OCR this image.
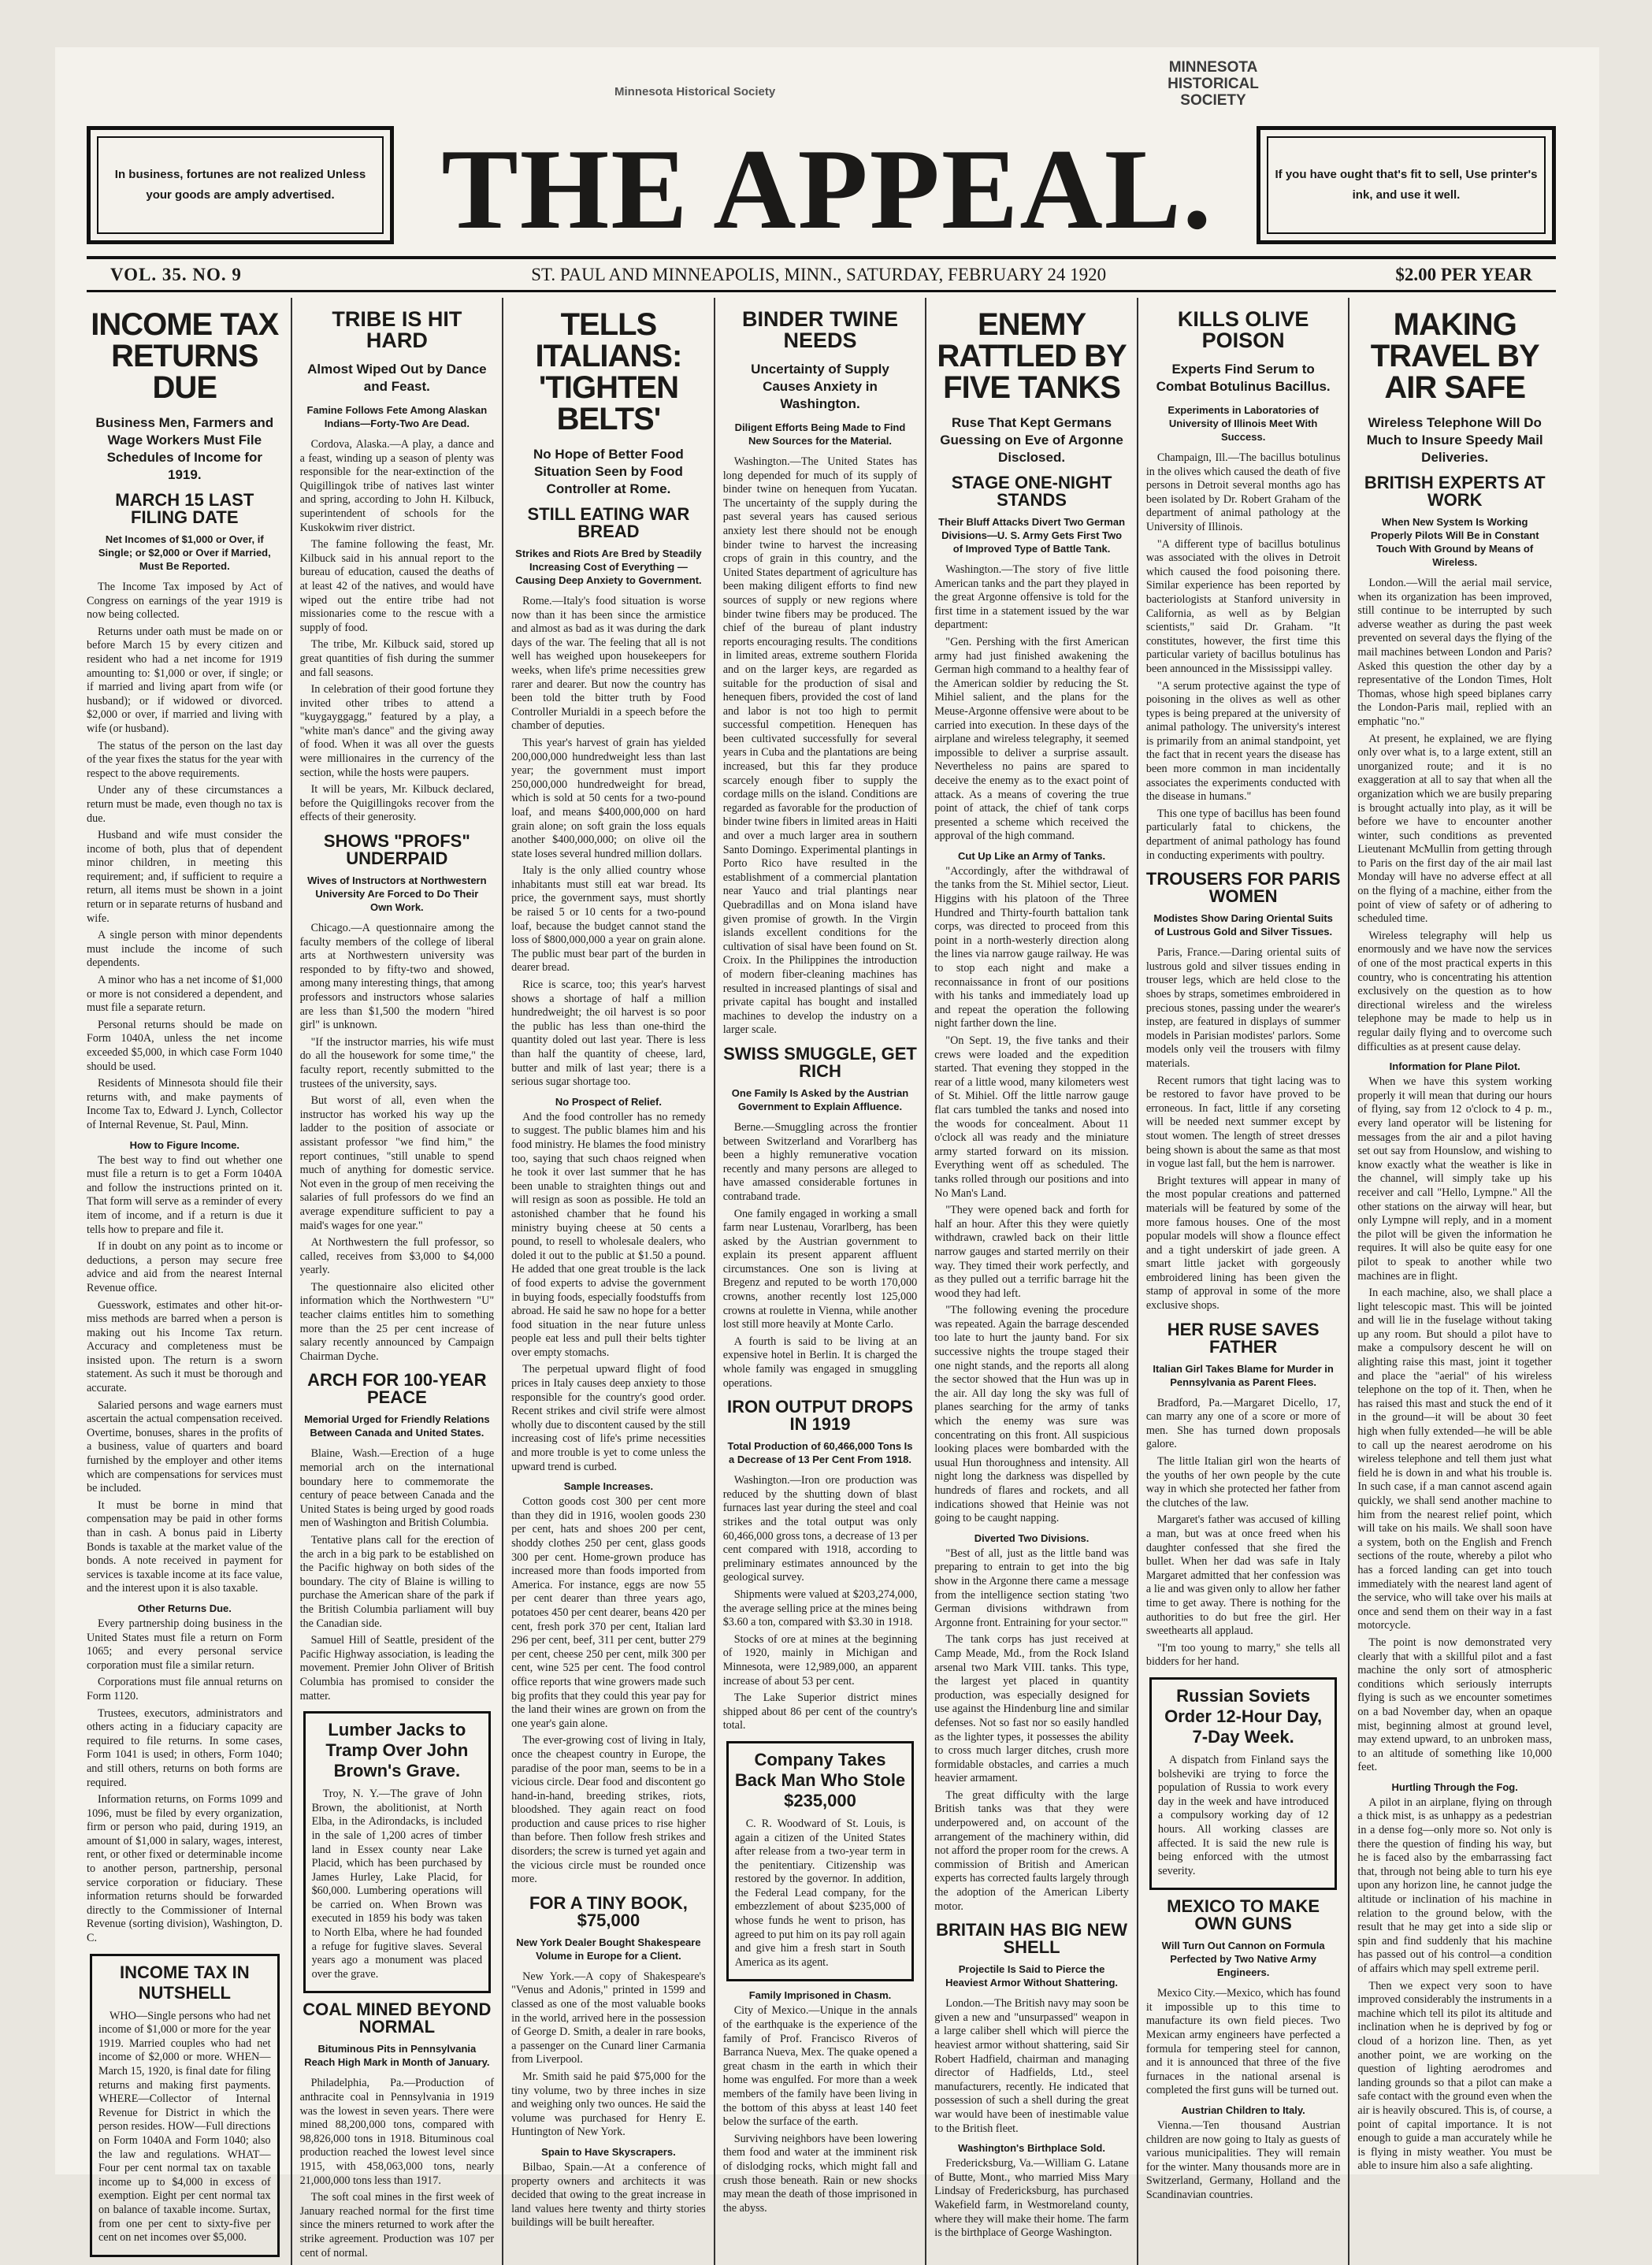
Minnesota Historical Society
MINNESOTA HISTORICAL SOCIETY
In business, fortunes are not realized Unless your goods are amply advertised. THE APPEAL.	If you have ought that's fit to sell, Use printer's ink, and use it well.
VOL. 35. NO. 9	ST. PAUL AND MINNEAPOLIS, MINN., SATURDAY, FEBRUARY 24 1920	$2.00 PER YEAR
INCOME TAX RETURNS DUE
Business Men, Farmers and Wage Workers Must File Schedules of Income for 1919.
MARCH 15 LAST FILING DATE
Net Incomes of $1,000 or Over, if Single; or $2,000 or Over if Married, Must Be Reported.

The Income Tax imposed by Act of Congress on earnings of the year 1919 is now being collected.

Returns under oath must be made on or before March 15 by every citizen and resident who had a net income for 1919 amounting to: $1,000 or over, if single; or if married and living apart from wife (or husband); or if widowed or divorced. $2,000 or over, if married and living with wife (or husband).

The status of the person on the last day of the year fixes the status for the year with respect to the above requirements.

Under any of these circumstances a return must be made, even though no tax is due.

Husband and wife must consider the income of both, plus that of dependent minor children, in meeting this requirement; and, if sufficient to require a return, all items must be shown in a joint return or in separate returns of husband and wife.

A single person with minor dependents must include the income of such dependents.

A minor who has a net income of $1,000 or more is not considered a dependent, and must file a separate return.

Personal returns should be made on Form 1040A, unless the net income exceeded $5,000, in which case Form 1040 should be used.

Residents of Minnesota should file their returns with, and make payments of Income Tax to, Edward J. Lynch, Collector of Internal Revenue, St. Paul, Minn.

How to Figure Income.

The best way to find out whether one must file a return is to get a Form 1040A and follow the instructions printed on it. That form will serve as a reminder of every item of income, and if a return is due it tells how to prepare and file it.

If in doubt on any point as to income or deductions, a person may secure free advice and aid from the nearest Internal Revenue office.

Guesswork, estimates and other hit-or-miss methods are barred when a person is making out his Income Tax return. Accuracy and completeness must be insisted upon. The return is a sworn statement. As such it must be thorough and accurate.

Salaried persons and wage earners must ascertain the actual compensation received. Overtime, bonuses, shares in the profits of a business, value of quarters and board furnished by the employer and other items which are compensations for services must be included.

It must be borne in mind that compensation may be paid in other forms than in cash. A bonus paid in Liberty Bonds is taxable at the market value of the bonds. A note received in payment for services is taxable income at its face value, and the interest upon it is also taxable.

Other Returns Due.

Every partnership doing business in the United States must file a return on Form 1065; and every personal service corporation must file a similar return.

Corporations must file annual returns on Form 1120.

Trustees, executors, administrators and others acting in a fiduciary capacity are required to file returns. In some cases, Form 1041 is used; in others, Form 1040; and still others, returns on both forms are required.

Information returns, on Forms 1099 and 1096, must be filed by every organization, firm or person who paid, during 1919, an amount of $1,000 in salary, wages, interest, rent, or other fixed or determinable income to another person, partnership, personal service corporation or fiduciary. These information returns should be forwarded directly to the Commissioner of Internal Revenue (sorting division), Washington, D. C.

INCOME TAX IN NUTSHELL

WHO—Single persons who had net income of $1,000 or more for the year 1919. Married couples who had net income of $2,000 or more. WHEN—March 15, 1920, is final date for filing returns and making first payments. WHERE—Collector of Internal Revenue for District in which the person resides. HOW—Full directions on Form 1040A and Form 1040; also the law and regulations. WHAT—Four per cent normal tax on taxable income up to $4,000 in excess of exemption. Eight per cent normal tax on balance of taxable income. Surtax, from one per cent to sixty-five per cent on net incomes over $5,000.

TRIBE IS HIT HARD
Almost Wiped Out by Dance and Feast.
Famine Follows Fete Among Alaskan Indians—Forty-Two Are Dead.

Cordova, Alaska.—A play, a dance and a feast, winding up a season of plenty was responsible for the near-extinction of the Quigillingok tribe of natives last winter and spring, according to John H. Kilbuck, superintendent of schools for the Kuskokwim river district.

The famine following the feast, Mr. Kilbuck said in his annual report to the bureau of education, caused the deaths of at least 42 of the natives, and would have wiped out the entire tribe had not missionaries come to the rescue with a supply of food.

The tribe, Mr. Kilbuck said, stored up great quantities of fish during the summer and fall seasons.

In celebration of their good fortune they invited other tribes to attend a "kuygayggagg," featured by a play, a "white man's dance" and the giving away of food. When it was all over the guests were millionaires in the currency of the section, while the hosts were paupers.

It will be years, Mr. Kilbuck declared, before the Quigillingoks recover from the effects of their generosity.

SHOWS "PROFS" UNDERPAID
Wives of Instructors at Northwestern University Are Forced to Do Their Own Work.

Chicago.—A questionnaire among the faculty members of the college of liberal arts at Northwestern university was responded to by fifty-two and showed, among many interesting things, that among professors and instructors whose salaries are less than $1,500 the modern "hired girl" is unknown.

"If the instructor marries, his wife must do all the housework for some time," the faculty report, recently submitted to the trustees of the university, says.

But worst of all, even when the instructor has worked his way up the ladder to the position of associate or assistant professor "we find him," the report continues, "still unable to spend much of anything for domestic service. Not even in the group of men receiving the salaries of full professors do we find an average expenditure sufficient to pay a maid's wages for one year."

At Northwestern the full professor, so called, receives from $3,000 to $4,000 yearly.

The questionnaire also elicited other information which the Northwestern "U" teacher claims entitles him to something more than the 25 per cent increase of salary recently announced by Campaign Chairman Dyche.

ARCH FOR 100-YEAR PEACE
Memorial Urged for Friendly Relations Between Canada and United States.

Blaine, Wash.—Erection of a huge memorial arch on the international boundary here to commemorate the century of peace between Canada and the United States is being urged by good roads men of Washington and British Columbia.

Tentative plans call for the erection of the arch in a big park to be established on the Pacific highway on both sides of the boundary. The city of Blaine is willing to purchase the American share of the park if the British Columbia parliament will buy the Canadian side.

Samuel Hill of Seattle, president of the Pacific Highway association, is leading the movement. Premier John Oliver of British Columbia has promised to consider the matter.

Lumber Jacks to Tramp Over John Brown's Grave.

Troy, N. Y.—The grave of John Brown, the abolitionist, at North Elba, in the Adirondacks, is included in the sale of 1,200 acres of timber land in Essex county near Lake Placid, which has been purchased by James Hurley, Lake Placid, for $60,000. Lumbering operations will be carried on. When Brown was executed in 1859 his body was taken to North Elba, where he had founded a refuge for fugitive slaves. Several years ago a monument was placed over the grave.

COAL MINED BEYOND NORMAL
Bituminous Pits in Pennsylvania Reach High Mark in Month of January.

Philadelphia, Pa.—Production of anthracite coal in Pennsylvania in 1919 was the lowest in seven years. There were mined 88,200,000 tons, compared with 98,826,000 tons in 1918. Bituminous coal production reached the lowest level since 1915, with 458,063,000 tons, nearly 21,000,000 tons less than 1917.

The soft coal mines in the first week of January reached normal for the first time since the miners returned to work after the strike agreement. Production was 107 per cent of normal.

TELLS ITALIANS: 'TIGHTEN BELTS'
No Hope of Better Food Situation Seen by Food Controller at Rome.
STILL EATING WAR BREAD
Strikes and Riots Are Bred by Steadily Increasing Cost of Everything —Causing Deep Anxiety to Government.

Rome.—Italy's food situation is worse now than it has been since the armistice and almost as bad as it was during the dark days of the war. The feeling that all is not well has weighed upon housekeepers for weeks, when life's prime necessities grew rarer and dearer. But now the country has been told the bitter truth by Food Controller Murialdi in a speech before the chamber of deputies.

This year's harvest of grain has yielded 200,000,000 hundredweight less than last year; the government must import 250,000,000 hundredweight for bread, which is sold at 50 cents for a two-pound loaf, and means $400,000,000 on hard grain alone; on soft grain the loss equals another $400,000,000; on olive oil the state loses several hundred million dollars.

Italy is the only allied country whose inhabitants must still eat war bread. Its price, the government says, must shortly be raised 5 or 10 cents for a two-pound loaf, because the budget cannot stand the loss of $800,000,000 a year on grain alone. The public must bear part of the burden in dearer bread.

Rice is scarce, too; this year's harvest shows a shortage of half a million hundredweight; the oil harvest is so poor the public has less than one-third the quantity doled out last year. There is less than half the quantity of cheese, lard, butter and milk of last year; there is a serious sugar shortage too.

No Prospect of Relief.

And the food controller has no remedy to suggest. The public blames him and his food ministry. He blames the food ministry too, saying that such chaos reigned when he took it over last summer that he has been unable to straighten things out and will resign as soon as possible. He told an astonished chamber that he found his ministry buying cheese at 50 cents a pound, to resell to wholesale dealers, who doled it out to the public at $1.50 a pound. He added that one great trouble is the lack of food experts to advise the government in buying foods, especially foodstuffs from abroad. He said he saw no hope for a better food situation in the near future unless people eat less and pull their belts tighter over empty stomachs.

The perpetual upward flight of food prices in Italy causes deep anxiety to those responsible for the country's good order. Recent strikes and civil strife were almost wholly due to discontent caused by the still increasing cost of life's prime necessities and more trouble is yet to come unless the upward trend is curbed.

Sample Increases.

Cotton goods cost 300 per cent more than they did in 1916, woolen goods 230 per cent, hats and shoes 200 per cent, shoddy clothes 250 per cent, glass goods 300 per cent. Home-grown produce has increased more than foods imported from America. For instance, eggs are now 55 per cent dearer than three years ago, potatoes 450 per cent dearer, beans 420 per cent, fresh pork 370 per cent, Italian lard 296 per cent, beef, 311 per cent, butter 279 per cent, cheese 250 per cent, milk 300 per cent, wine 525 per cent. The food control office reports that wine growers made such big profits that they could this year pay for the land their wines are grown on from the one year's gain alone.

The ever-growing cost of living in Italy, once the cheapest country in Europe, the paradise of the poor man, seems to be in a vicious circle. Dear food and discontent go hand-in-hand, breeding strikes, riots, bloodshed. They again react on food production and cause prices to rise higher than before. Then follow fresh strikes and disorders; the screw is turned yet again and the vicious circle must be rounded once more.

FOR A TINY BOOK, $75,000
New York Dealer Bought Shakespeare Volume in Europe for a Client.

New York.—A copy of Shakespeare's "Venus and Adonis," printed in 1599 and classed as one of the most valuable books in the world, arrived here in the possession of George D. Smith, a dealer in rare books, a passenger on the Cunard liner Carmania from Liverpool.

Mr. Smith said he paid $75,000 for the tiny volume, two by three inches in size and weighing only two ounces. He said the volume was purchased for Henry E. Huntington of New York.

Spain to Have Skyscrapers.

Bilbao, Spain.—At a conference of property owners and architects it was decided that owing to the great increase in land values here twenty and thirty stories buildings will be built hereafter.

BINDER TWINE NEEDS
Uncertainty of Supply Causes Anxiety in Washington.
Diligent Efforts Being Made to Find New Sources for the Material.

Washington.—The United States has long depended for much of its supply of binder twine on henequen from Yucatan. The uncertainty of the supply during the past several years has caused serious anxiety lest there should not be enough binder twine to harvest the increasing crops of grain in this country, and the United States department of agriculture has been making diligent efforts to find new sources of supply or new regions where binder twine fibers may be produced. The chief of the bureau of plant industry reports encouraging results. The conditions in limited areas, extreme southern Florida and on the larger keys, are regarded as suitable for the production of sisal and henequen fibers, provided the cost of land and labor is not too high to permit successful competition. Henequen has been cultivated successfully for several years in Cuba and the plantations are being increased, but this far they produce scarcely enough fiber to supply the cordage mills on the island. Conditions are regarded as favorable for the production of binder twine fibers in limited areas in Haiti and over a much larger area in southern Santo Domingo. Experimental plantings in Porto Rico have resulted in the establishment of a commercial plantation near Yauco and trial plantings near Quebradillas and on Mona island have given promise of growth. In the Virgin islands excellent conditions for the cultivation of sisal have been found on St. Croix. In the Philippines the introduction of modern fiber-cleaning machines has resulted in increased plantings of sisal and private capital has bought and installed machines to develop the industry on a larger scale.

SWISS SMUGGLE, GET RICH
One Family Is Asked by the Austrian Government to Explain Affluence.

Berne.—Smuggling across the frontier between Switzerland and Vorarlberg has been a highly remunerative vocation recently and many persons are alleged to have amassed considerable fortunes in contraband trade.

One family engaged in working a small farm near Lustenau, Vorarlberg, has been asked by the Austrian government to explain its present apparent affluent circumstances. One son is living at Bregenz and reputed to be worth 170,000 crowns, another recently lost 125,000 crowns at roulette in Vienna, while another lost still more heavily at Monte Carlo.

A fourth is said to be living at an expensive hotel in Berlin. It is charged the whole family was engaged in smuggling operations.

IRON OUTPUT DROPS IN 1919
Total Production of 60,466,000 Tons Is a Decrease of 13 Per Cent From 1918.

Washington.—Iron ore production was reduced by the shutting down of blast furnaces last year during the steel and coal strikes and the total output was only 60,466,000 gross tons, a decrease of 13 per cent compared with 1918, according to preliminary estimates announced by the geological survey.

Shipments were valued at $203,274,000, the average selling price at the mines being $3.60 a ton, compared with $3.30 in 1918.

Stocks of ore at mines at the beginning of 1920, mainly in Michigan and Minnesota, were 12,989,000, an apparent increase of about 53 per cent.

The Lake Superior district mines shipped about 86 per cent of the country's total.

Company Takes Back Man Who Stole $235,000

C. R. Woodward of St. Louis, is again a citizen of the United States after release from a two-year term in the penitentiary. Citizenship was restored by the governor. In addition, the Federal Lead company, for the embezzlement of about $235,000 of whose funds he went to prison, has agreed to put him on its pay roll again and give him a fresh start in South America as its agent.

Family Imprisoned in Chasm.

City of Mexico.—Unique in the annals of the earthquake is the experience of the family of Prof. Francisco Riveros of Barranca Nueva, Mex. The quake opened a great chasm in the earth in which their home was engulfed. For more than a week members of the family have been living in the bottom of this abyss at least 140 feet below the surface of the earth.

Surviving neighbors have been lowering them food and water at the imminent risk of dislodging rocks, which might fall and crush those beneath. Rain or new shocks may mean the death of those imprisoned in the abyss.

ENEMY RATTLED BY FIVE TANKS
Ruse That Kept Germans Guessing on Eve of Argonne Disclosed.
STAGE ONE-NIGHT STANDS
Their Bluff Attacks Divert Two German Divisions—U. S. Army Gets First Two of Improved Type of Battle Tank.

Washington.—The story of five little American tanks and the part they played in the great Argonne offensive is told for the first time in a statement issued by the war department:

"Gen. Pershing with the first American army had just finished awakening the German high command to a healthy fear of the American soldier by reducing the St. Mihiel salient, and the plans for the Meuse-Argonne offensive were about to be carried into execution. In these days of the airplane and wireless telegraphy, it seemed impossible to deliver a surprise assault. Nevertheless no pains are spared to deceive the enemy as to the exact point of attack. As a means of covering the true point of attack, the chief of tank corps presented a scheme which received the approval of the high command.

Cut Up Like an Army of Tanks.

"Accordingly, after the withdrawal of the tanks from the St. Mihiel sector, Lieut. Higgins with his platoon of the Three Hundred and Thirty-fourth battalion tank corps, was directed to proceed from this point in a north-westerly direction along the lines via narrow gauge railway. He was to stop each night and make a reconnaissance in front of our positions with his tanks and immediately load up and repeat the operation the following night farther down the line.

"On Sept. 19, the five tanks and their crews were loaded and the expedition started. That evening they stopped in the rear of a little wood, many kilometers west of St. Mihiel. Off the little narrow gauge flat cars tumbled the tanks and nosed into the woods for concealment. About 11 o'clock all was ready and the miniature army started forward on its mission. Everything went off as scheduled. The tanks rolled through our positions and into No Man's Land.

"They were opened back and forth for half an hour. After this they were quietly withdrawn, crawled back on their little narrow gauges and started merrily on their way. They timed their work perfectly, and as they pulled out a terrific barrage hit the wood they had left.

"The following evening the procedure was repeated. Again the barrage descended too late to hurt the jaunty band. For six successive nights the troupe staged their one night stands, and the reports all along the sector showed that the Hun was up in the air. All day long the sky was full of planes searching for the army of tanks which the enemy was sure was concentrating on this front. All suspicious looking places were bombarded with the usual Hun thoroughness and intensity. All night long the darkness was dispelled by hundreds of flares and rockets, and all indications showed that Heinie was not going to be caught napping.

Diverted Two Divisions.

"Best of all, just as the little band was preparing to entrain to get into the big show in the Argonne there came a message from the intelligence section stating 'two German divisions withdrawn from Argonne front. Entraining for your sector.'"

The tank corps has just received at Camp Meade, Md., from the Rock Island arsenal two Mark VIII. tanks. This type, the largest yet placed in quantity production, was especially designed for use against the Hindenburg line and similar defenses. Not so fast nor so easily handled as the lighter types, it possesses the ability to cross much larger ditches, crush more formidable obstacles, and carries a much heavier armament.

The great difficulty with the large British tanks was that they were underpowered and, on account of the arrangement of the machinery within, did not afford the proper room for the crews. A commission of British and American experts has corrected faults largely through the adoption of the American Liberty motor.

BRITAIN HAS BIG NEW SHELL
Projectile Is Said to Pierce the Heaviest Armor Without Shattering.

London.—The British navy may soon be given a new and "unsurpassed" weapon in a large caliber shell which will pierce the heaviest armor without shattering, said Sir Robert Hadfield, chairman and managing director of Hadfields, Ltd., steel manufacturers, recently. He indicated that possession of such a shell during the great war would have been of inestimable value to the British fleet.

Washington's Birthplace Sold.

Fredericksburg, Va.—William G. Latane of Butte, Mont., who married Miss Mary Lindsay of Fredericksburg, has purchased Wakefield farm, in Westmoreland county, where they will make their home. The farm is the birthplace of George Washington.

KILLS OLIVE POISON
Experts Find Serum to Combat Botulinus Bacillus.
Experiments in Laboratories of University of Illinois Meet With Success.

Champaign, Ill.—The bacillus botulinus in the olives which caused the death of five persons in Detroit several months ago has been isolated by Dr. Robert Graham of the department of animal pathology at the University of Illinois.

"A different type of bacillus botulinus was associated with the olives in Detroit which caused the food poisoning there. Similar experience has been reported by bacteriologists at Stanford university in California, as well as by Belgian scientists," said Dr. Graham. "It constitutes, however, the first time this particular variety of bacillus botulinus has been announced in the Mississippi valley.

"A serum protective against the type of poisoning in the olives as well as other types is being prepared at the university of animal pathology. The university's interest is primarily from an animal standpoint, yet the fact that in recent years the disease has been more common in man incidentally associates the experiments conducted with the disease in humans."

This one type of bacillus has been found particularly fatal to chickens, the department of animal pathology has found in conducting experiments with poultry.

TROUSERS FOR PARIS WOMEN
Modistes Show Daring Oriental Suits of Lustrous Gold and Silver Tissues.

Paris, France.—Daring oriental suits of lustrous gold and silver tissues ending in trouser legs, which are held close to the shoes by straps, sometimes embroidered in precious stones, passing under the wearer's instep, are featured in displays of summer models in Parisian modistes' parlors. Some models only veil the trousers with filmy materials.

Recent rumors that tight lacing was to be restored to favor have proved to be erroneous. In fact, little if any corseting will be needed next summer except by stout women. The length of street dresses being shown is about the same as that most in vogue last fall, but the hem is narrower.

Bright textures will appear in many of the most popular creations and patterned materials will be featured by some of the more famous houses. One of the most popular models will show a flounce effect and a tight underskirt of jade green. A smart little jacket with gorgeously embroidered lining has been given the stamp of approval in some of the more exclusive shops.

HER RUSE SAVES FATHER
Italian Girl Takes Blame for Murder in Pennsylvania as Parent Flees.

Bradford, Pa.—Margaret Dicello, 17, can marry any one of a score or more of men. She has turned down proposals galore.

The little Italian girl won the hearts of the youths of her own people by the cute way in which she protected her father from the clutches of the law.

Margaret's father was accused of killing a man, but was at once freed when his daughter confessed that she fired the bullet. When her dad was safe in Italy Margaret admitted that her confession was a lie and was given only to allow her father time to get away. There is nothing for the authorities to do but free the girl. Her sweethearts all applaud.

"I'm too young to marry," she tells all bidders for her hand.

Russian Soviets Order 12-Hour Day, 7-Day Week.

A dispatch from Finland says the bolsheviki are trying to force the population of Russia to work every day in the week and have introduced a compulsory working day of 12 hours. All working classes are affected. It is said the new rule is being enforced with the utmost severity.

MEXICO TO MAKE OWN GUNS
Will Turn Out Cannon on Formula Perfected by Two Native Army Engineers.

Mexico City.—Mexico, which has found it impossible up to this time to manufacture its own field pieces. Two Mexican army engineers have perfected a formula for tempering steel for cannon, and it is announced that three of the five furnaces in the national arsenal is completed the first guns will be turned out.

Austrian Children to Italy.

Vienna.—Ten thousand Austrian children are now going to Italy as guests of various municipalities. They will remain for the winter. Many thousands more are in Switzerland, Germany, Holland and the Scandinavian countries.

MAKING TRAVEL BY AIR SAFE
Wireless Telephone Will Do Much to Insure Speedy Mail Deliveries.
BRITISH EXPERTS AT WORK
When New System Is Working Properly Pilots Will Be in Constant Touch With Ground by Means of Wireless.

London.—Will the aerial mail service, when its organization has been improved, still continue to be interrupted by such adverse weather as during the past week prevented on several days the flying of the mail machines between London and Paris? Asked this question the other day by a representative of the London Times, Holt Thomas, whose high speed biplanes carry the London-Paris mail, replied with an emphatic "no."

At present, he explained, we are flying only over what is, to a large extent, still an unorganized route; and it is no exaggeration at all to say that when all the organization which we are busily preparing is brought actually into play, as it will be before we have to encounter another winter, such conditions as prevented Lieutenant McMullin from getting through to Paris on the first day of the air mail last Monday will have no adverse effect at all on the flying of a machine, either from the point of view of safety or of adhering to scheduled time.

Wireless telegraphy will help us enormously and we have now the services of one of the most practical experts in this country, who is concentrating his attention exclusively on the question as to how directional wireless and the wireless telephone may be made to help us in regular daily flying and to overcome such difficulties as at present cause delay.

Information for Plane Pilot.

When we have this system working properly it will mean that during our hours of flying, say from 12 o'clock to 4 p. m., every land operator will be listening for messages from the air and a pilot having set out say from Hounslow, and wishing to know exactly what the weather is like in the channel, will simply take up his receiver and call "Hello, Lympne." All the other stations on the airway will hear, but only Lympne will reply, and in a moment the pilot will be given the information he requires. It will also be quite easy for one pilot to speak to another while two machines are in flight.

In each machine, also, we shall place a light telescopic mast. This will be jointed and will lie in the fuselage without taking up any room. But should a pilot have to make a compulsory descent he will on alighting raise this mast, joint it together and place the "aerial" of his wireless telephone on the top of it. Then, when he has raised this mast and stuck the end of it in the ground—it will be about 30 feet high when fully extended—he will be able to call up the nearest aerodrome on his wireless telephone and tell them just what field he is down in and what his trouble is. In such case, if a man cannot ascend again quickly, we shall send another machine to him from the nearest relief point, which will take on his mails. We shall soon have a system, both on the English and French sections of the route, whereby a pilot who has a forced landing can get into touch immediately with the nearest land agent of the service, who will take over his mails at once and send them on their way in a fast motorcycle.

The point is now demonstrated very clearly that with a skillful pilot and a fast machine the only sort of atmospheric conditions which seriously interrupts flying is such as we encounter sometimes on a bad November day, when an opaque mist, beginning almost at ground level, may extend upward, to an unbroken mass, to an altitude of something like 10,000 feet.

Hurtling Through the Fog.

A pilot in an airplane, flying on through a thick mist, is as unhappy as a pedestrian in a dense fog—only more so. Not only is there the question of finding his way, but he is faced also by the embarrassing fact that, through not being able to turn his eye upon any horizon line, he cannot judge the altitude or inclination of his machine in relation to the ground below, with the result that he may get into a side slip or spin and find suddenly that his machine has passed out of his control—a condition of affairs which may spell extreme peril.

Then we expect very soon to have improved considerably the instruments in a machine which tell its pilot its altitude and inclination when he is deprived by fog or cloud of a horizon line. Then, as yet another point, we are working on the question of lighting aerodromes and landing grounds so that a pilot can make a safe contact with the ground even when the air is heavily obscured. This is, of course, a point of capital importance. It is not enough to guide a man accurately while he is flying in misty weather. You must be able to insure him also a safe alighting.
